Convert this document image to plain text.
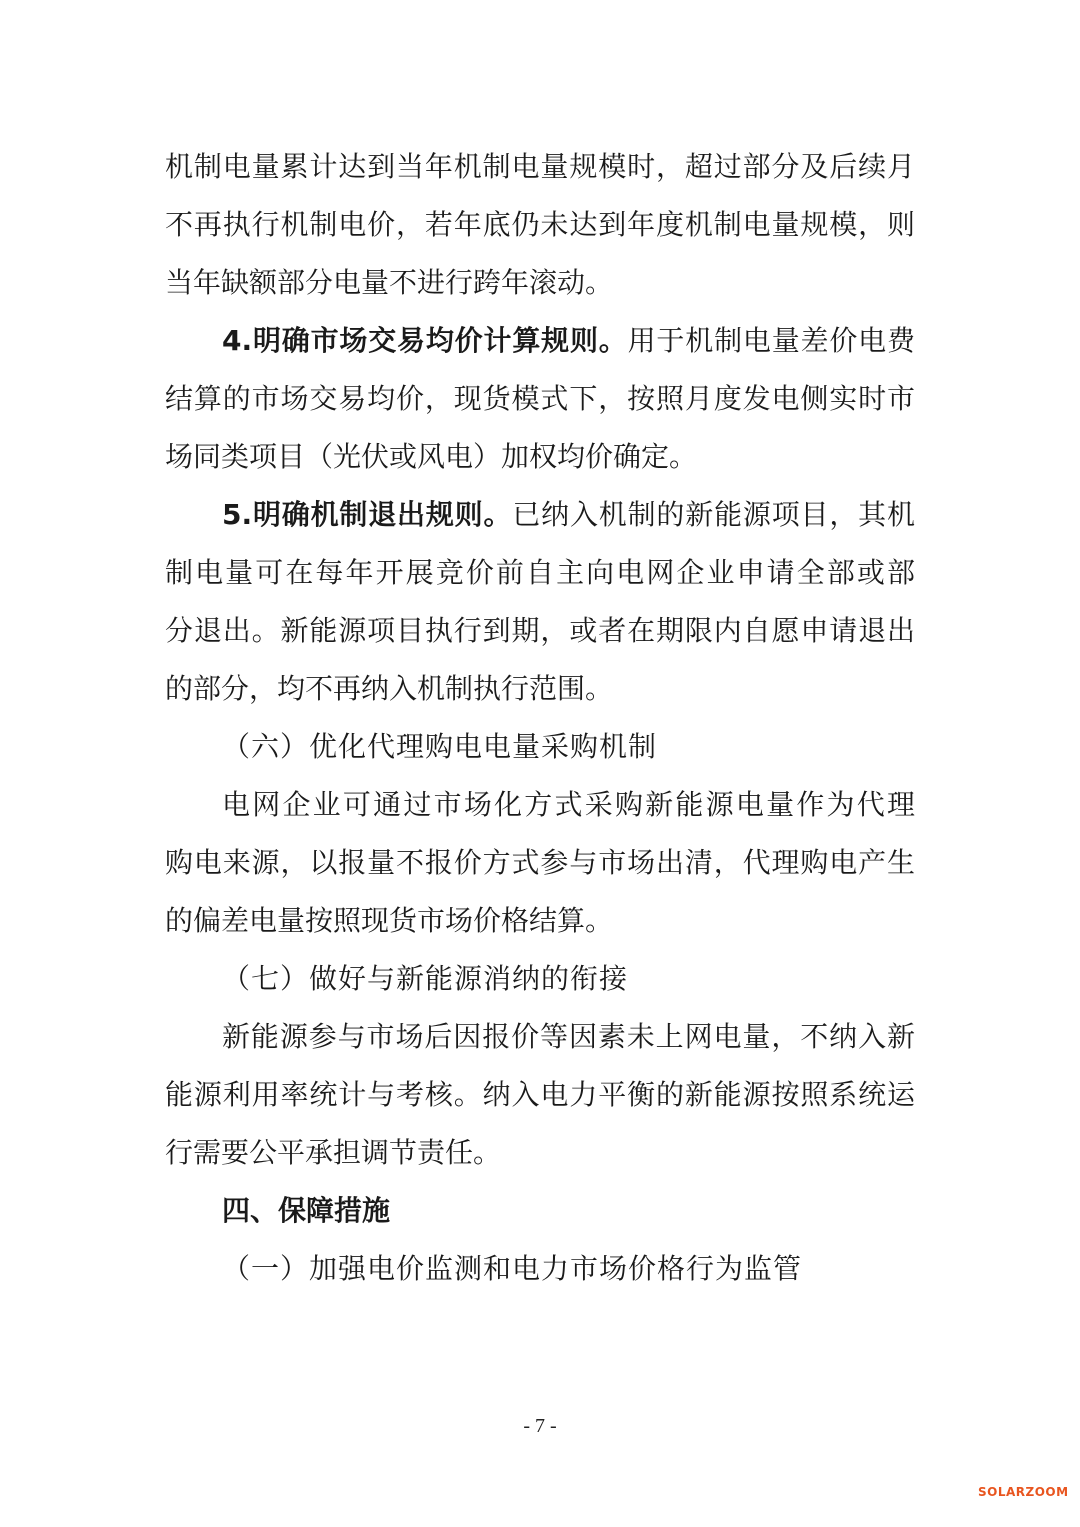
机制电量累计达到当年机制电量规模时，超过部分及后续月
不再执行机制电价，若年底仍未达到年度机制电量规模，则
当年缺额部分电量不进行跨年滚动。
4.明确市场交易均价计算规则。用于机制电量差价电费
结算的市场交易均价，现货模式下，按照月度发电侧实时市
场同类项目（光伏或风电）加权均价确定。
5.明确机制退出规则。已纳入机制的新能源项目，其机
制电量可在每年开展竞价前自主向电网企业申请全部或部
分退出。新能源项目执行到期，或者在期限内自愿申请退出
的部分，均不再纳入机制执行范围。
（六）优化代理购电电量采购机制
电网企业可通过市场化方式采购新能源电量作为代理
购电来源，以报量不报价方式参与市场出清，代理购电产生
的偏差电量按照现货市场价格结算。
（七）做好与新能源消纳的衔接
新能源参与市场后因报价等因素未上网电量，不纳入新
能源利用率统计与考核。纳入电力平衡的新能源按照系统运
行需要公平承担调节责任。
四、保障措施
（一）加强电价监测和电力市场价格行为监管
- 7 -
SOLARZOOM
